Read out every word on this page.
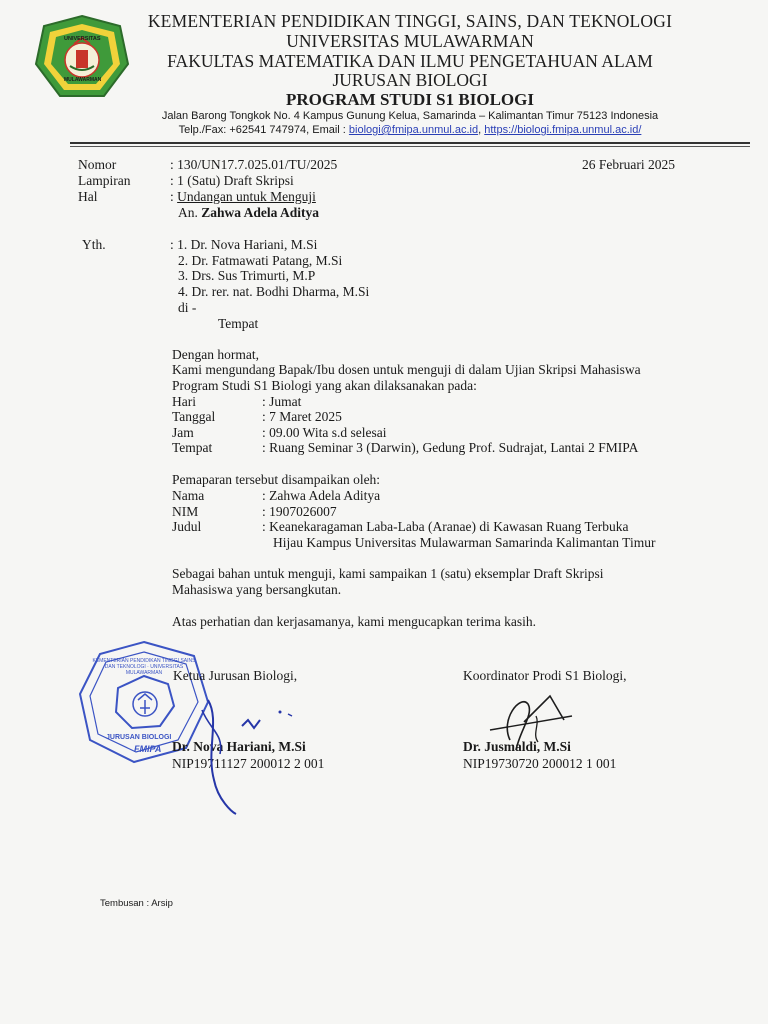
UNIVERSITAS
MULAWARMAN
KEMENTERIAN PENDIDIKAN TINGGI, SAINS, DAN TEKNOLOGI
UNIVERSITAS MULAWARMAN
FAKULTAS MATEMATIKA DAN ILMU PENGETAHUAN ALAM
JURUSAN BIOLOGI
PROGRAM STUDI S1 BIOLOGI
Jalan Barong Tongkok No. 4 Kampus Gunung Kelua, Samarinda – Kalimantan Timur 75123 Indonesia
Telp./Fax: +62541 747974, Email : biologi@fmipa.unmul.ac.id, https://biologi.fmipa.unmul.ac.id/
Nomor	: 130/UN17.7.025.01/TU/2025	26 Februari 2025
Lampiran	: 1 (Satu) Draft Skripsi
Hal	: Undangan untuk Menguji
An. Zahwa Adela Aditya
Yth.	: 1. Dr. Nova Hariani, M.Si
2. Dr. Fatmawati Patang, M.Si
3. Drs. Sus Trimurti, M.P
4. Dr. rer. nat. Bodhi Dharma, M.Si
di -
Tempat
Dengan hormat,
Kami mengundang Bapak/Ibu dosen untuk menguji di dalam Ujian Skripsi Mahasiswa
Program Studi S1 Biologi yang akan dilaksanakan pada:
Hari	: Jumat
Tanggal	: 7 Maret 2025
Jam	: 09.00 Wita s.d selesai
Tempat	: Ruang Seminar 3 (Darwin), Gedung Prof. Sudrajat, Lantai 2 FMIPA
Pemaparan tersebut disampaikan oleh:
Nama	: Zahwa Adela Aditya
NIM	: 1907026007
Judul	: Keanekaragaman Laba-Laba (Aranae) di Kawasan Ruang Terbuka
Hijau Kampus Universitas Mulawarman Samarinda Kalimantan Timur
Sebagai bahan untuk menguji, kami sampaikan 1 (satu) eksemplar Draft Skripsi
Mahasiswa yang bersangkutan.
Atas perhatian dan kerjasamanya, kami mengucapkan terima kasih.
KEMENTERIAN PENDIDIKAN TINGGI SAINS DAN TEKNOLOGI · UNIVERSITAS MULAWARMAN
JURUSAN BIOLOGI
FMIPA
Ketua Jurusan Biologi,
Dr. Nova Hariani, M.Si
NIP19711127 200012 2 001
Koordinator Prodi S1 Biologi,
Dr. Jusmaldi, M.Si
NIP19730720 200012 1 001
Tembusan : Arsip
